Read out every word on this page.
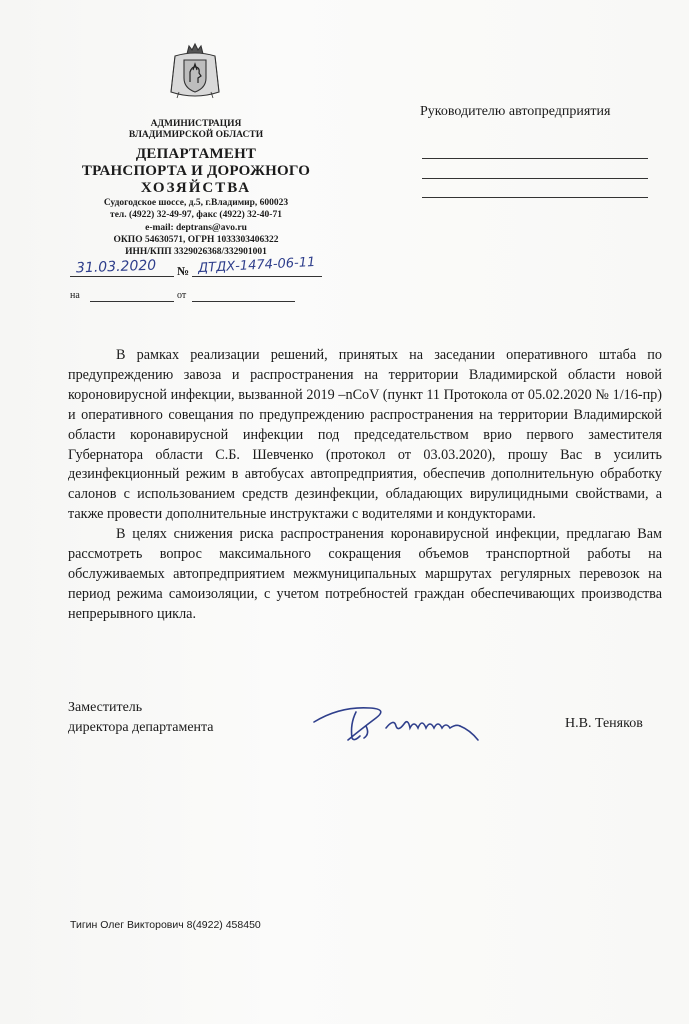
АДМИНИСТРАЦИЯ
ВЛАДИМИРСКОЙ ОБЛАСТИ
ДЕПАРТАМЕНТ
ТРАНСПОРТА И ДОРОЖНОГО
ХОЗЯЙСТВА
Судогодское шоссе, д.5, г.Владимир, 600023
тел. (4922) 32-49-97, факс (4922) 32-40-71
e-mail: deptrans@avo.ru
ОКПО 54630571, ОГРН 1033303406322
ИНН/КПП 3329026368/332901001
31.03.2020 № ДТДХ-1474-06-11
на	от
Руководителю автопредприятия

В рамках реализации решений, принятых на заседании оперативного штаба по предупреждению завоза и распространения на территории Владимирской области новой короновирусной инфекции, вызванной 2019 –nCoV (пункт 11 Протокола от 05.02.2020 № 1/16-пр) и оперативного совещания по предупреждению распространения на территории Владимирской области коронавирусной инфекции под председательством врио первого заместителя Губернатора области С.Б. Шевченко (протокол от 03.03.2020), прошу Вас в усилить дезинфекционный режим в автобусах автопредприятия, обеспечив дополнительную обработку салонов с использованием средств дезинфекции, обладающих вирулицидными свойствами, а также провести дополнительные инструктажи с водителями и кондукторами.

В целях снижения риска распространения коронавирусной инфекции, предлагаю Вам рассмотреть вопрос максимального сокращения объемов транспортной работы на обслуживаемых автопредприятием межмуниципальных маршрутах регулярных перевозок на период режима самоизоляции, с учетом потребностей граждан обеспечивающих производства непрерывного цикла.

Заместитель
директора департамента	Н.В. Теняков
Тигин Олег Викторович 8(4922) 458450
